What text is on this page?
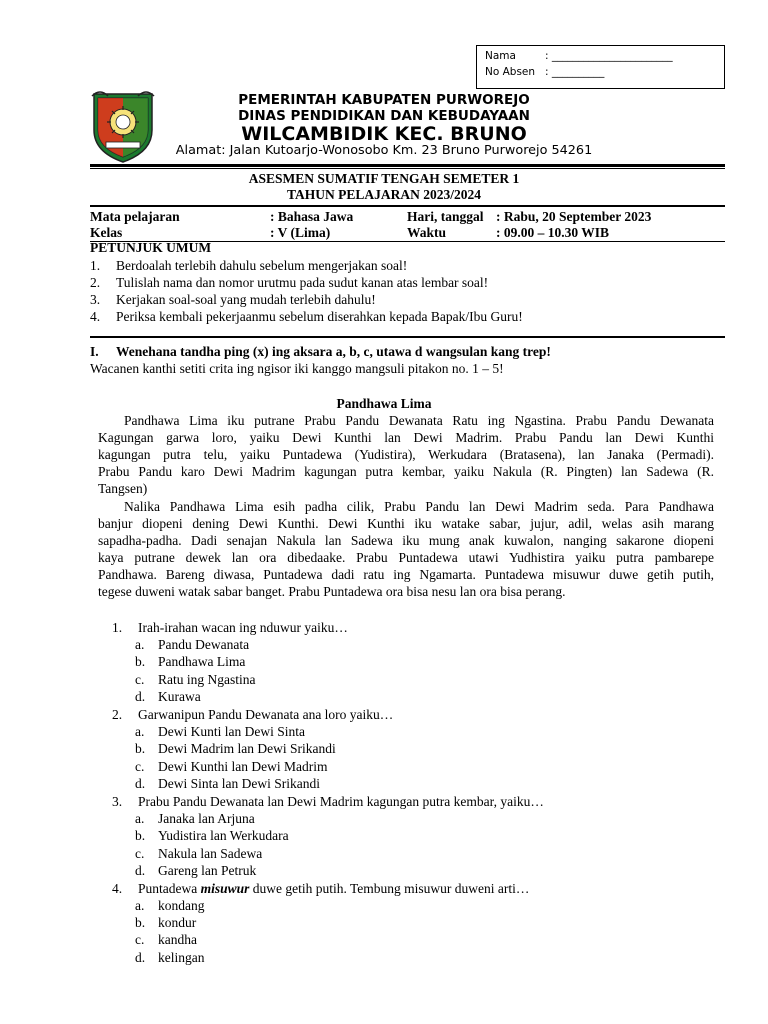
Nama	: _______________________
No Absen : __________
PEMERINTAH KABUPATEN PURWOREJO
DINAS PENDIDIKAN DAN KEBUDAYAAN
WILCAMBIDIK KEC. BRUNO
Alamat: Jalan Kutoarjo-Wonosobo Km. 23 Bruno Purworejo 54261
ASESMEN SUMATIF TENGAH SEMETER 1
TAHUN PELAJARAN 2023/2024
Mata pelajaran	: Bahasa Jawa	Hari, tanggal : Rabu, 20 September 2023
Kelas	: V (Lima)	Waktu	: 09.00 – 10.30 WIB
PETUNJUK UMUM
1. Berdoalah terlebih dahulu sebelum mengerjakan soal!
2. Tulislah nama dan nomor urutmu pada sudut kanan atas lembar soal!
3. Kerjakan soal-soal yang mudah terlebih dahulu!
4. Periksa kembali pekerjaanmu sebelum diserahkan kepada Bapak/Ibu Guru!
I. Wenehana tandha ping (x) ing aksara a, b, c, utawa d wangsulan kang trep!
Wacanen kanthi setiti crita ing ngisor iki kanggo mangsuli pitakon no. 1 – 5!
Pandhawa Lima
Pandhawa Lima iku putrane Prabu Pandu Dewanata Ratu ing Ngastina. Prabu Pandu Dewanata
Kagungan garwa loro, yaiku Dewi Kunthi lan Dewi Madrim. Prabu Pandu lan Dewi Kunthi
kagungan putra telu, yaiku Puntadewa (Yudistira), Werkudara (Bratasena), lan Janaka (Permadi).
Prabu Pandu karo Dewi Madrim kagungan putra kembar, yaiku Nakula (R. Pingten) lan Sadewa (R.
Tangsen)
Nalika Pandhawa Lima esih padha cilik, Prabu Pandu lan Dewi Madrim seda. Para Pandhawa
banjur diopeni dening Dewi Kunthi. Dewi Kunthi iku watake sabar, jujur, adil, welas asih marang
sapadha-padha. Dadi senajan Nakula lan Sadewa iku mung anak kuwalon, nanging sakarone diopeni
kaya putrane dewek lan ora dibedaake. Prabu Puntadewa utawi Yudhistira yaiku putra pambarepe
Pandhawa. Bareng diwasa, Puntadewa dadi ratu ing Ngamarta. Puntadewa misuwur duwe getih putih,
tegese duweni watak sabar banget. Prabu Puntadewa ora bisa nesu lan ora bisa perang.
1. Irah-irahan wacan ing nduwur yaiku…
a. Pandu Dewanata
b. Pandhawa Lima
c. Ratu ing Ngastina
d. Kurawa
2. Garwanipun Pandu Dewanata ana loro yaiku…
a. Dewi Kunti lan Dewi Sinta
b. Dewi Madrim lan Dewi Srikandi
c. Dewi Kunthi lan Dewi Madrim
d. Dewi Sinta lan Dewi Srikandi
3. Prabu Pandu Dewanata lan Dewi Madrim kagungan putra kembar, yaiku…
a. Janaka lan Arjuna
b. Yudistira lan Werkudara
c. Nakula lan Sadewa
d. Gareng lan Petruk
4. Puntadewa misuwur duwe getih putih. Tembung misuwur duweni arti…
a. kondang
b. kondur
c. kandha
d. kelingan
